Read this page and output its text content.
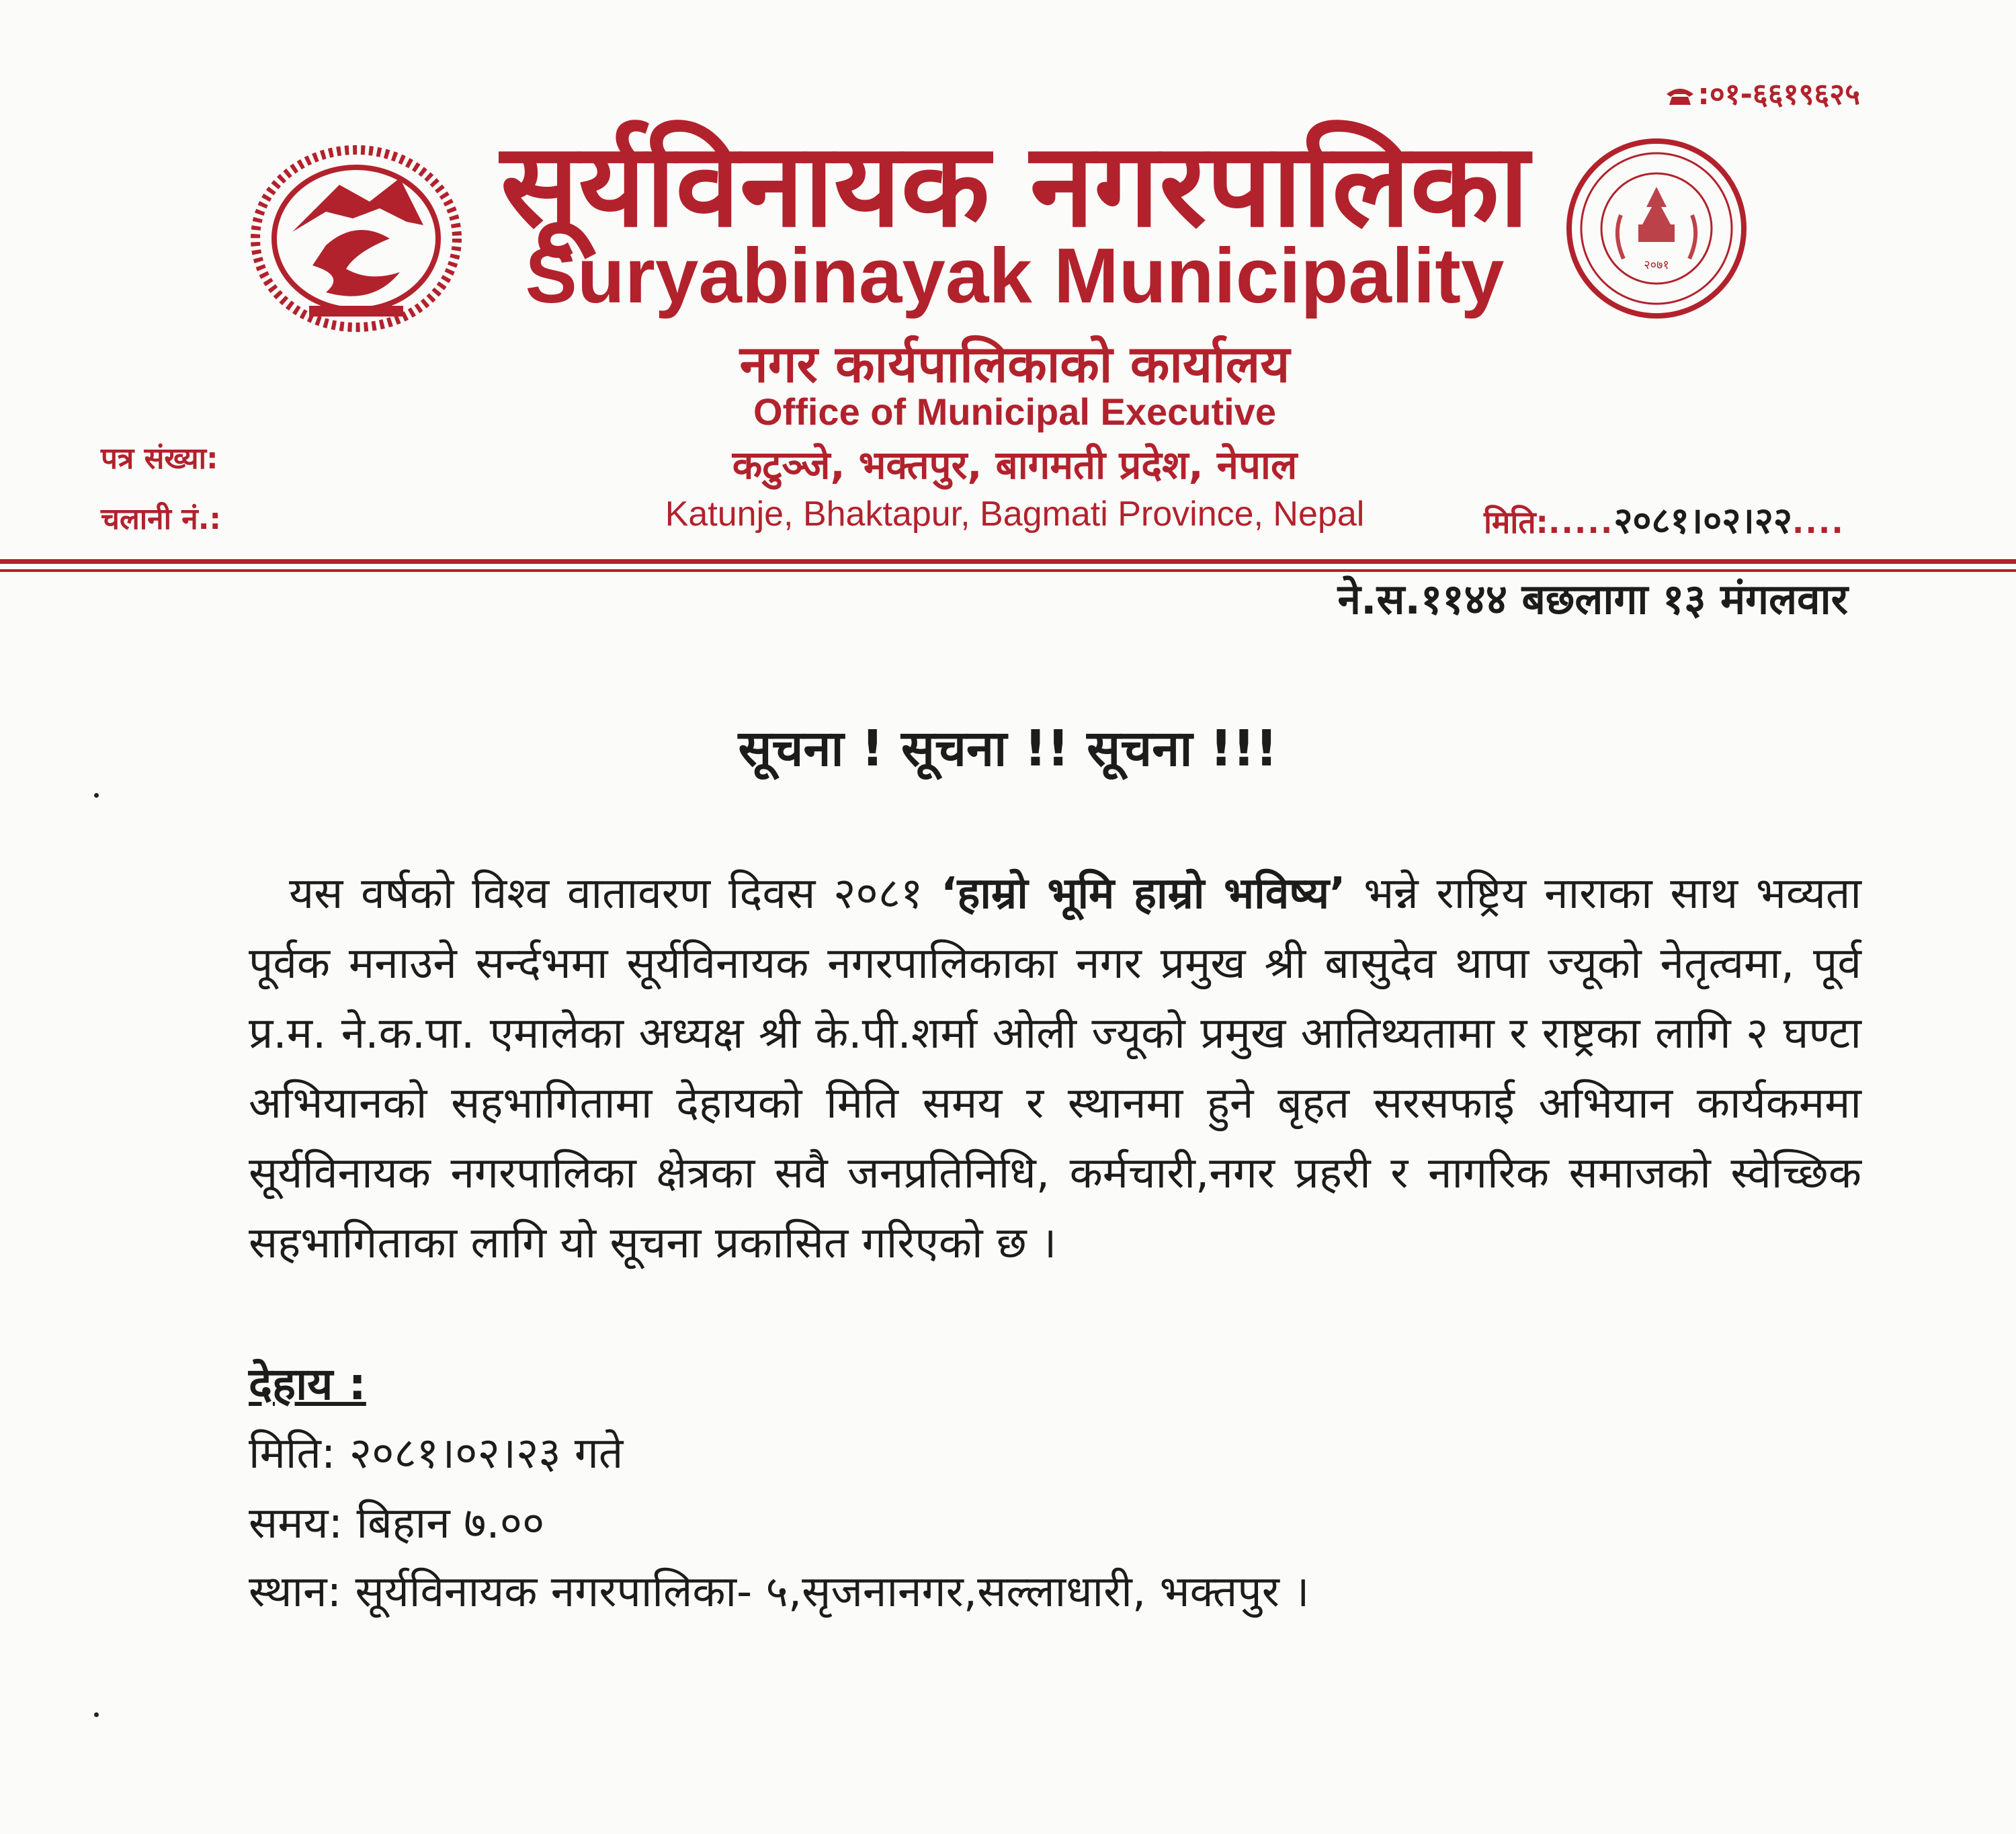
२०७१
:०१-६६१९६२५
सूर्यविनायक नगरपालिका
Suryabinayak Municipality
नगर कार्यपालिकाको कार्यालय
Office of Municipal Executive
कटुञ्जे, भक्तपुर, बागमती प्रदेश, नेपाल
Katunje, Bhaktapur, Bagmati Province, Nepal
पत्र संख्या:
चलानी नं.:	मिति:.....२०८१।०२।२२....
ने.स.११४४ बछलागा १३ मंगलवार
सूचना ! सूचना !! सूचना !!!
यस वर्षको विश्व वातावरण दिवस २०८१ ‘हाम्रो भूमि हाम्रो भविष्य’ भन्ने राष्ट्रिय नाराका साथ भव्यता पूर्वक मनाउने सर्न्दभमा सूर्यविनायक नगरपालिकाका नगर प्रमुख श्री बासुदेव थापा ज्यूको नेतृत्वमा, पूर्व प्र.म. ने.क.पा. एमालेका अध्यक्ष श्री के.पी.शर्मा ओली ज्यूको प्रमुख आतिथ्यतामा र राष्ट्रका लागि २ घण्टा अभियानको सहभागितामा देहायको मिति समय र स्थानमा हुने बृहत सरसफाई अभियान कार्यकममा सूर्यविनायक नगरपालिका क्षेत्रका सवै जनप्रतिनिधि, कर्मचारी,नगर प्रहरी र नागरिक समाजको स्वेच्छिक सहभागिताका लागि यो सूचना प्रकासित गरिएको छ ।
देहाय :
मिति: २०८१।०२।२३ गते
समय: बिहान ७.००
स्थान: सूर्यविनायक नगरपालिका- ५,सृजनानगर,सल्लाधारी, भक्तपुर ।
